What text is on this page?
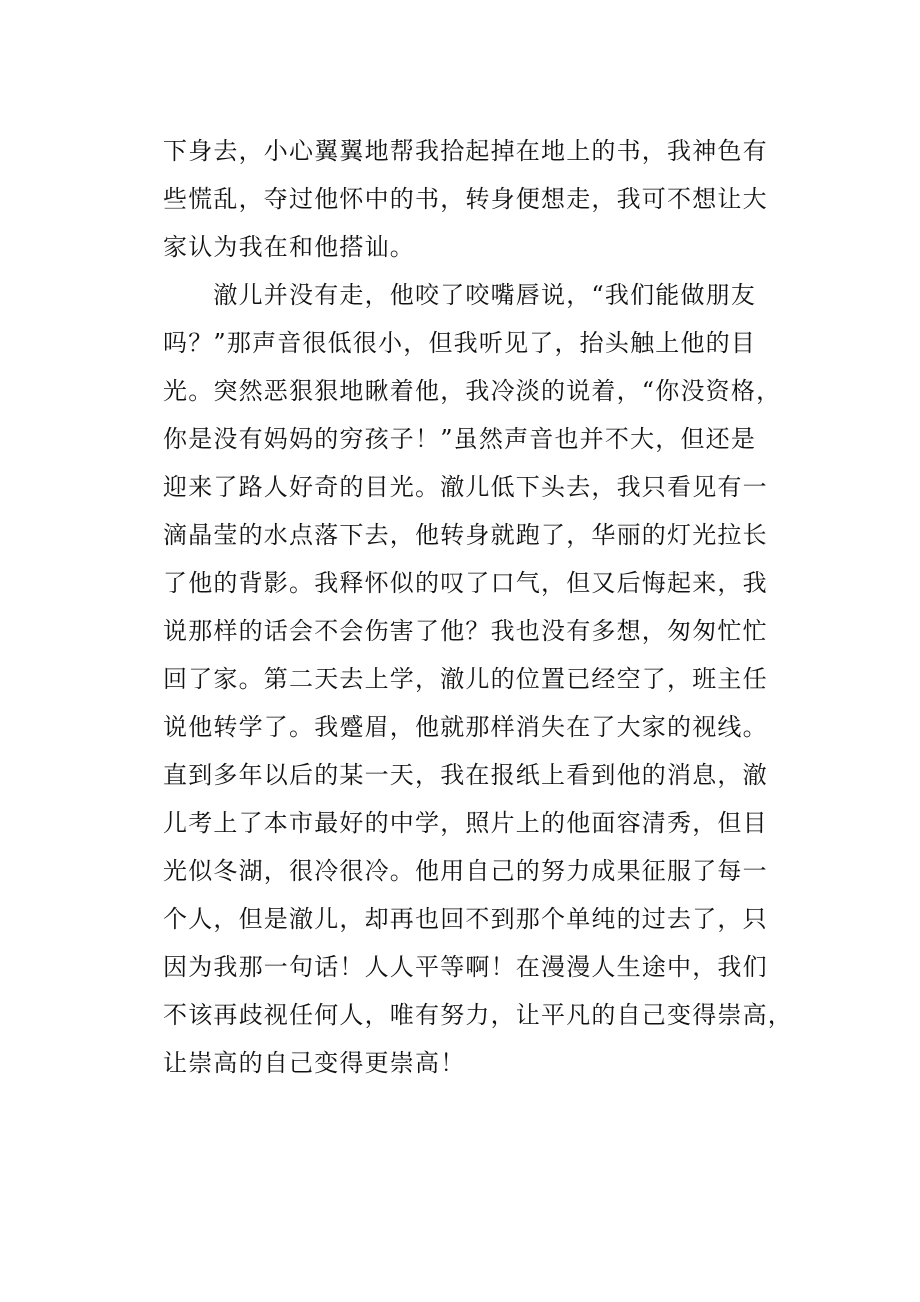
下身去，小心翼翼地帮我拾起掉在地上的书，我神色有
些慌乱，夺过他怀中的书，转身便想走，我可不想让大
家认为我在和他搭讪。
　　澈儿并没有走，他咬了咬嘴唇说，“我们能做朋友
吗？”那声音很低很小，但我听见了，抬头触上他的目
光。突然恶狠狠地瞅着他，我冷淡的说着，“你没资格，
你是没有妈妈的穷孩子！”虽然声音也并不大，但还是
迎来了路人好奇的目光。澈儿低下头去，我只看见有一
滴晶莹的水点落下去，他转身就跑了，华丽的灯光拉长
了他的背影。我释怀似的叹了口气，但又后悔起来，我
说那样的话会不会伤害了他？我也没有多想，匆匆忙忙
回了家。第二天去上学，澈儿的位置已经空了，班主任
说他转学了。我蹙眉，他就那样消失在了大家的视线。
直到多年以后的某一天，我在报纸上看到他的消息，澈
儿考上了本市最好的中学，照片上的他面容清秀，但目
光似冬湖，很冷很冷。他用自己的努力成果征服了每一
个人，但是澈儿，却再也回不到那个单纯的过去了，只
因为我那一句话！人人平等啊！在漫漫人生途中，我们
不该再歧视任何人，唯有努力，让平凡的自己变得崇高，
让崇高的自己变得更崇高！
